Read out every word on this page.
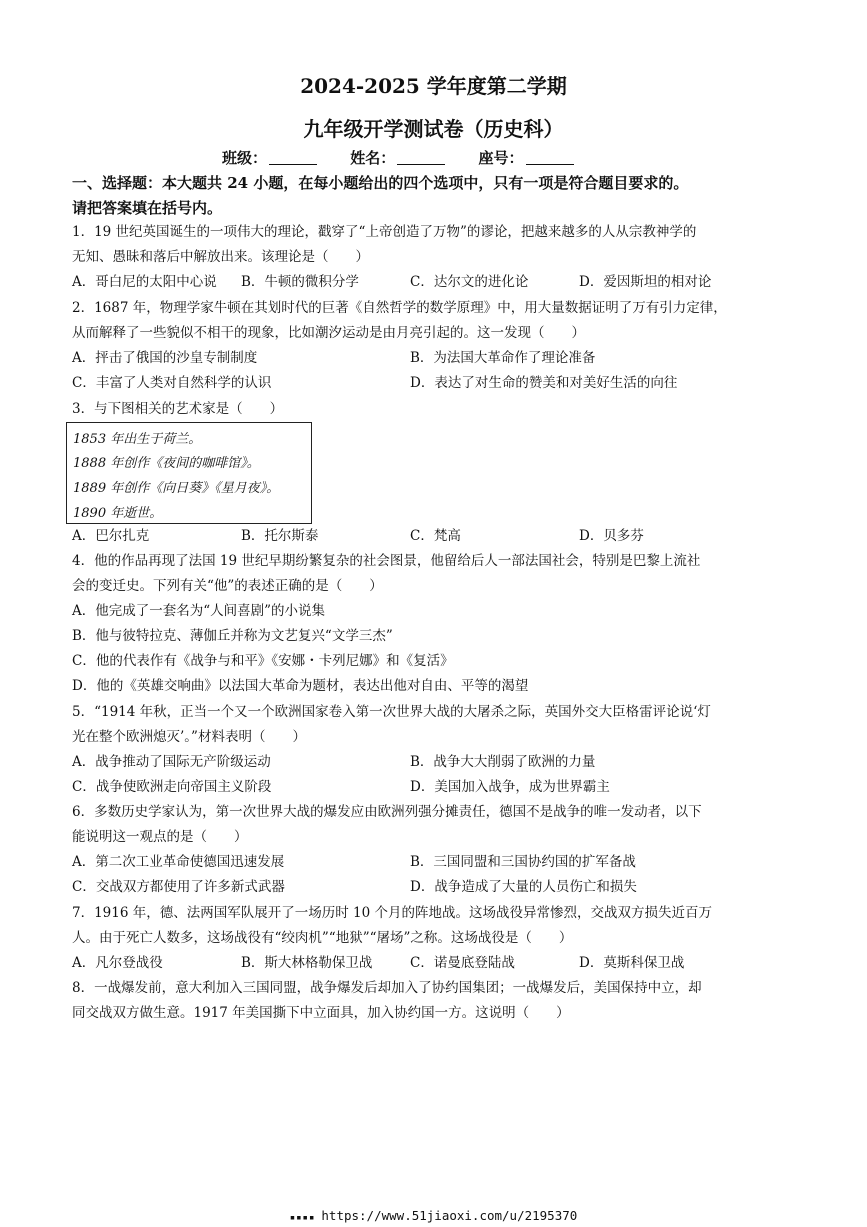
2024-2025 学年度第二学期
九年级开学测试卷（历史科）
班级：	姓名：	座号：
一、选择题：本大题共 24 小题，在每小题给出的四个选项中，只有一项是符合题目要求的。
请把答案填在括号内。
1．19 世纪英国诞生的一项伟大的理论，戳穿了“上帝创造了万物”的谬论，把越来越多的人从宗教神学的
无知、愚昧和落后中解放出来。该理论是（　　）
A．哥白尼的太阳中心说 B．牛顿的微积分学	C．达尔文的进化论	D．爱因斯坦的相对论
2．1687 年，物理学家牛顿在其划时代的巨著《自然哲学的数学原理》中，用大量数据证明了万有引力定律，
从而解释了一些貌似不相干的现象，比如潮汐运动是由月亮引起的。这一发现（　　）
A．抨击了俄国的沙皇专制制度	B．为法国大革命作了理论准备
C．丰富了人类对自然科学的认识	D．表达了对生命的赞美和对美好生活的向往
3．与下图相关的艺术家是（　　）
1853 年出生于荷兰。
1888 年创作《夜间的咖啡馆》。
1889 年创作《向日葵》《星月夜》。
1890 年逝世。
A．巴尔扎克	B．托尔斯泰	C．梵高	D．贝多芬
4．他的作品再现了法国 19 世纪早期纷繁复杂的社会图景，他留给后人一部法国社会，特别是巴黎上流社
会的变迁史。下列有关“他”的表述正确的是（　　）
A．他完成了一套名为“人间喜剧”的小说集
B．他与彼特拉克、薄伽丘并称为文艺复兴“文学三杰”
C．他的代表作有《战争与和平》《安娜・卡列尼娜》和《复活》
D．他的《英雄交响曲》以法国大革命为题材，表达出他对自由、平等的渴望
5．“1914 年秋，正当一个又一个欧洲国家卷入第一次世界大战的大屠杀之际，英国外交大臣格雷评论说‘灯
光在整个欧洲熄灭’。”材料表明（　　）
A．战争推动了国际无产阶级运动	B．战争大大削弱了欧洲的力量
C．战争使欧洲走向帝国主义阶段	D．美国加入战争，成为世界霸主
6．多数历史学家认为，第一次世界大战的爆发应由欧洲列强分摊责任，德国不是战争的唯一发动者，以下
能说明这一观点的是（　　）
A．第二次工业革命使德国迅速发展	B．三国同盟和三国协约国的扩军备战
C．交战双方都使用了许多新式武器	D．战争造成了大量的人员伤亡和损失
7．1916 年，德、法两国军队展开了一场历时 10 个月的阵地战。这场战役异常惨烈，交战双方损失近百万
人。由于死亡人数多，这场战役有“绞肉机”“地狱”“屠场”之称。这场战役是（　　）
A．凡尔登战役	B．斯大林格勒保卫战	C．诺曼底登陆战	D．莫斯科保卫战
8．一战爆发前，意大利加入三国同盟，战争爆发后却加入了协约国集团；一战爆发后，美国保持中立，却
同交战双方做生意。1917 年美国撕下中立面具，加入协约国一方。这说明（　　）
▪▪▪▪ https://www.51jiaoxi.com/u/2195370
